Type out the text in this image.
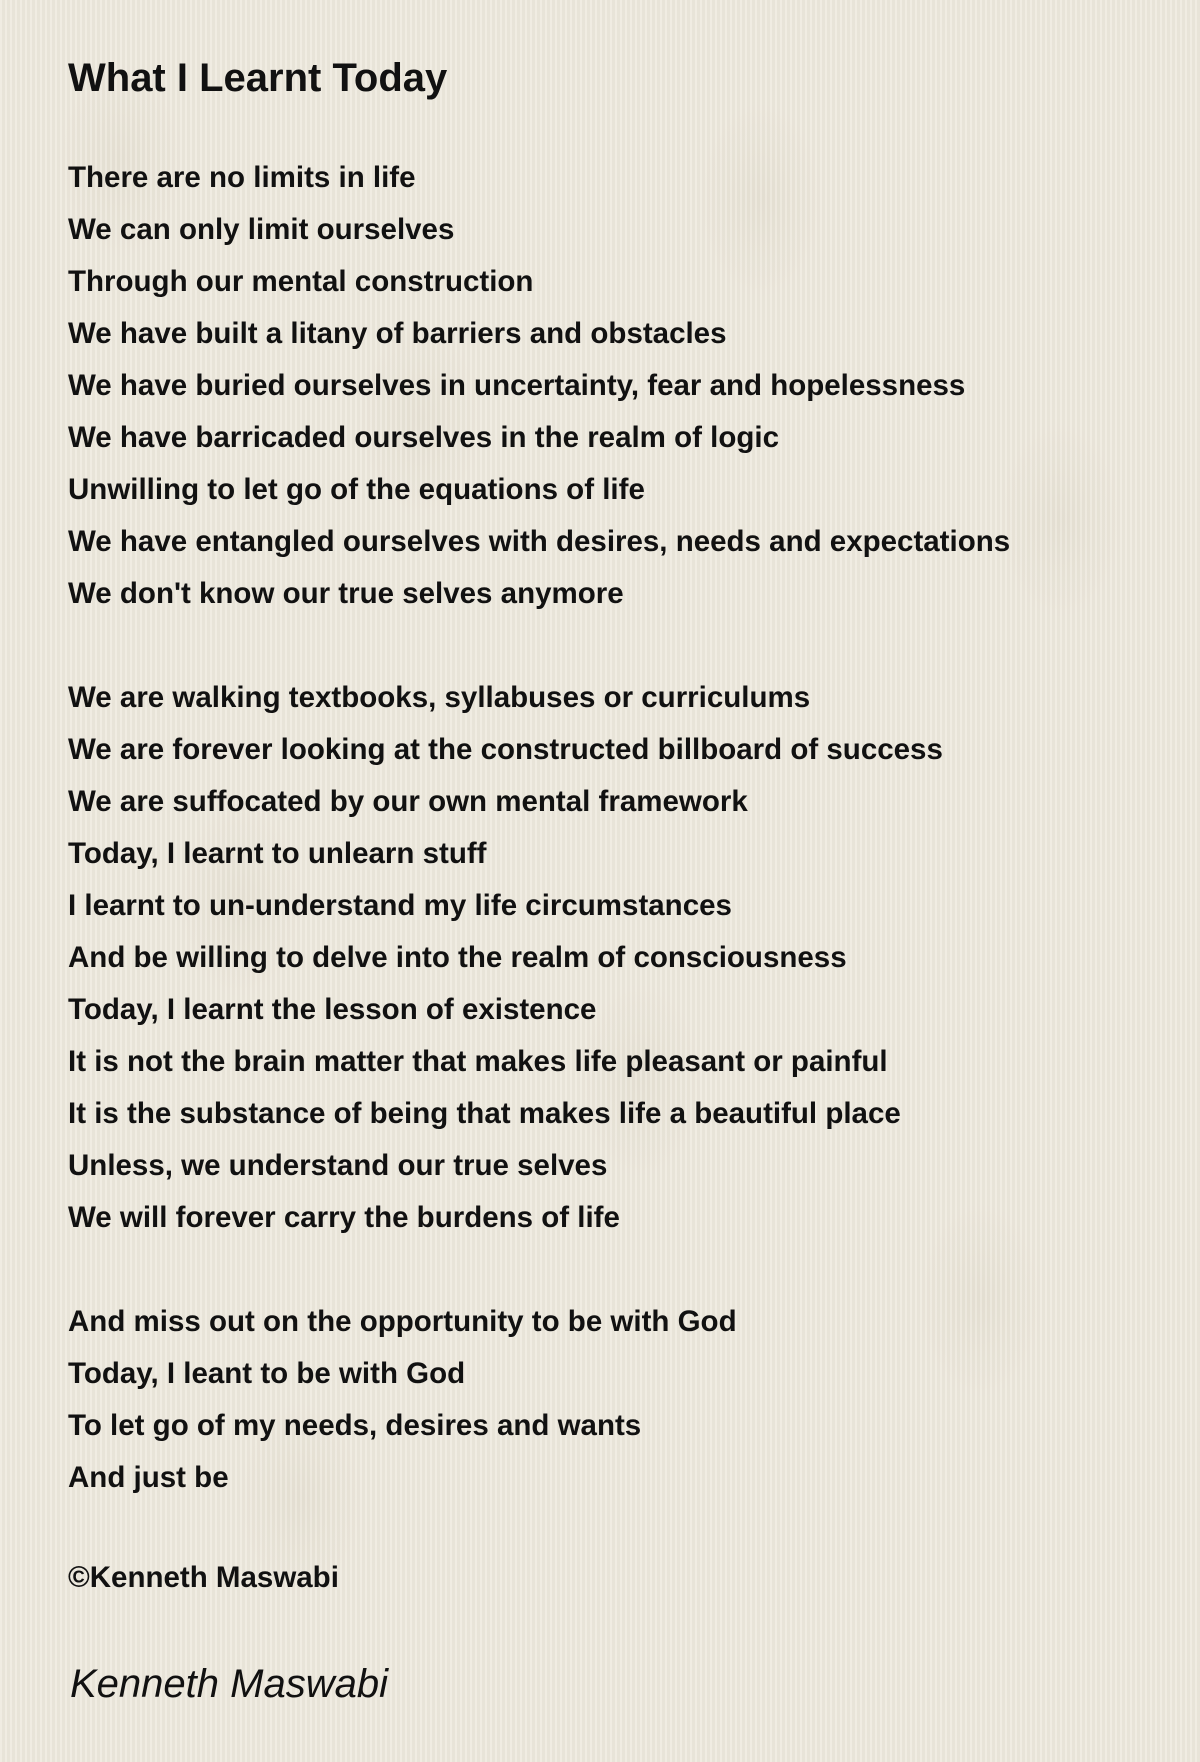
What I Learnt Today
There are no limits in life
We can only limit ourselves
Through our mental construction
We have built a litany of barriers and obstacles
We have buried ourselves in uncertainty, fear and hopelessness
We have barricaded ourselves in the realm of logic
Unwilling to let go of the equations of life
We have entangled ourselves with desires, needs and expectations
We don't know our true selves anymore
We are walking textbooks, syllabuses or curriculums
We are forever looking at the constructed billboard of success
We are suffocated by our own mental framework
Today, I learnt to unlearn stuff
I learnt to un-understand my life circumstances
And be willing to delve into the realm of consciousness
Today, I learnt the lesson of existence
It is not the brain matter that makes life pleasant or painful
It is the substance of being that makes life a beautiful place
Unless, we understand our true selves
We will forever carry the burdens of life
And miss out on the opportunity to be with God
Today, I leant to be with God
To let go of my needs, desires and wants
And just be
©Kenneth Maswabi
Kenneth Maswabi
